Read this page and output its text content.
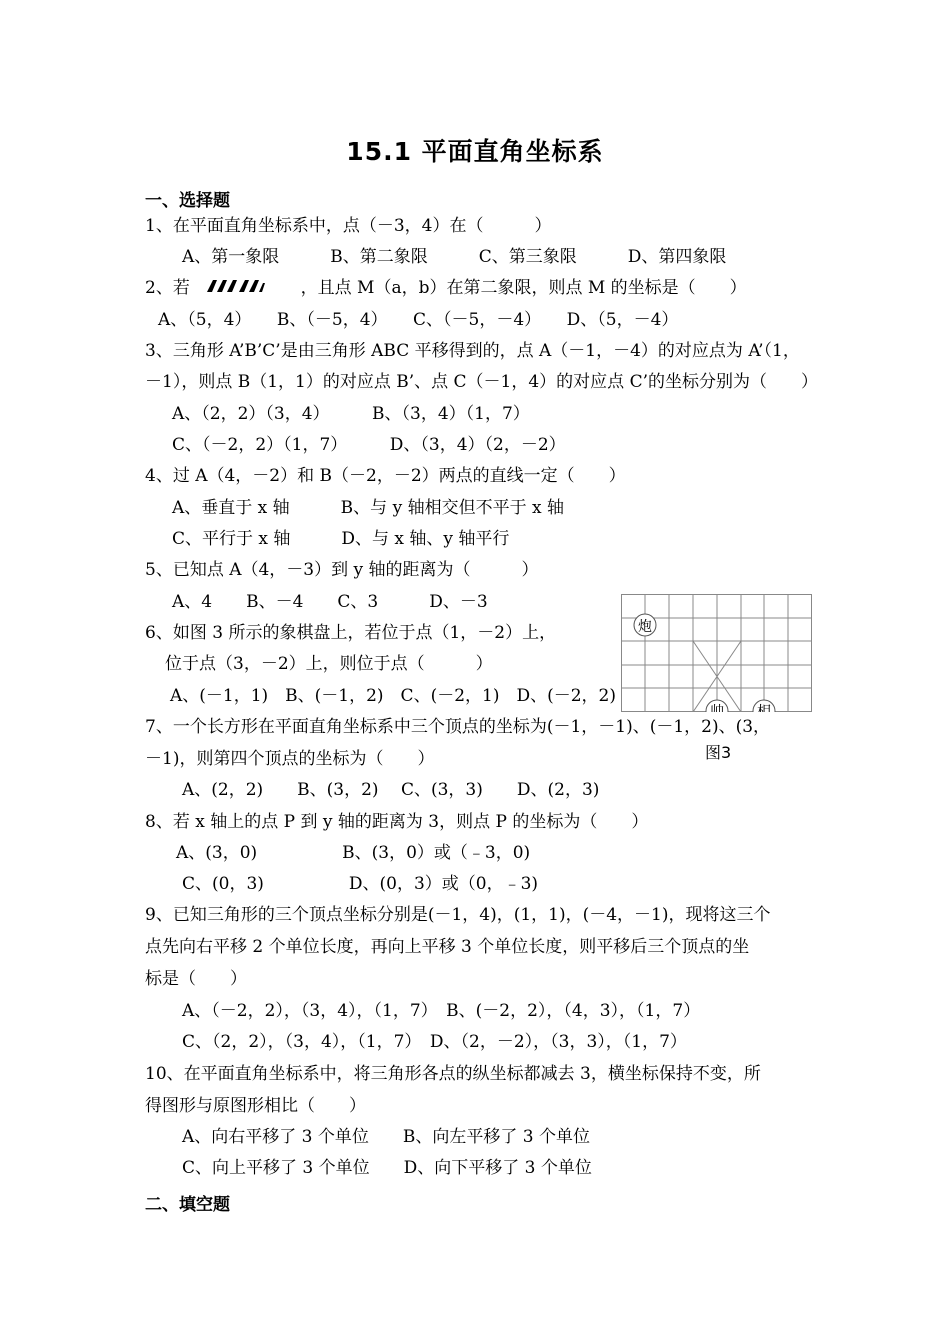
15.1 平面直角坐标系
一、选择题
1、在平面直角坐标系中，点（－3，4）在（　　　）
A、第一象限　　　B、第二象限　　　C、第三象限　　　D、第四象限
2、若	，且点 M（a，b）在第二象限，则点 M 的坐标是（　　）
A、（5，4）　　B、（－5，4）　　C、（－5，－4）　　D、（5，－4）
3、三角形 A’B’C’是由三角形 ABC 平移得到的，点 A（－1，－4）的对应点为 A’（1，
－1），则点 B（1，1）的对应点 B’、点 C（－1，4）的对应点 C’的坐标分别为（　　）
A、（2，2）（3，4）　　　B、（3，4）（1，7）
C、（－2，2）（1，7）　　　D、（3，4）（2，－2）
4、过 A（4，－2）和 B（－2，－2）两点的直线一定（　　）
A、垂直于 x 轴　　　B、与 y 轴相交但不平于 x 轴
C、平行于 x 轴　　　D、与 x 轴、y 轴平行
5、已知点 A（4，－3）到 y 轴的距离为（　　　）
A、4　　B、－4　　C、3　　　D、－3
6、如图 3 所示的象棋盘上，若位于点（1，－2）上，
位于点（3，－2）上，则位于点（　　　）
A、(－1，1)　B、(－1，2)　C、(－2，1)　D、(－2，2)
7、一个长方形在平面直角坐标系中三个顶点的坐标为(－1，－1)、(－1，2)、(3，
－1)，则第四个顶点的坐标为（　　）
A、(2，2)　　B、(3，2)　 C、(3，3)　　D、(2，3)
8、若 x 轴上的点 P 到 y 轴的距离为 3，则点 P 的坐标为（　　）
A、(3，0)　　　　　B、(3，0）或（﹣3，0)
C、(0，3)　　　　　D、(0，3）或（0，﹣3)
9、已知三角形的三个顶点坐标分别是(－1，4)，(1，1)，(－4，－1)，现将这三个
点先向右平移 2 个单位长度，再向上平移 3 个单位长度，则平移后三个顶点的坐
标是（　　）
A、（－2，2），（3，4），（1，7）　B、(－2，2），（4，3），（1，7）
C、（2，2），（3，4），（1，7）　D、（2，－2），（3，3），（1，7）
10、在平面直角坐标系中，将三角形各点的纵坐标都减去 3，横坐标保持不变，所
得图形与原图形相比（　　）
A、向右平移了 3 个单位　　B、向左平移了 3 个单位
C、向上平移了 3 个单位　　D、向下平移了 3 个单位
二、填空题
炮
帅 相
图3
